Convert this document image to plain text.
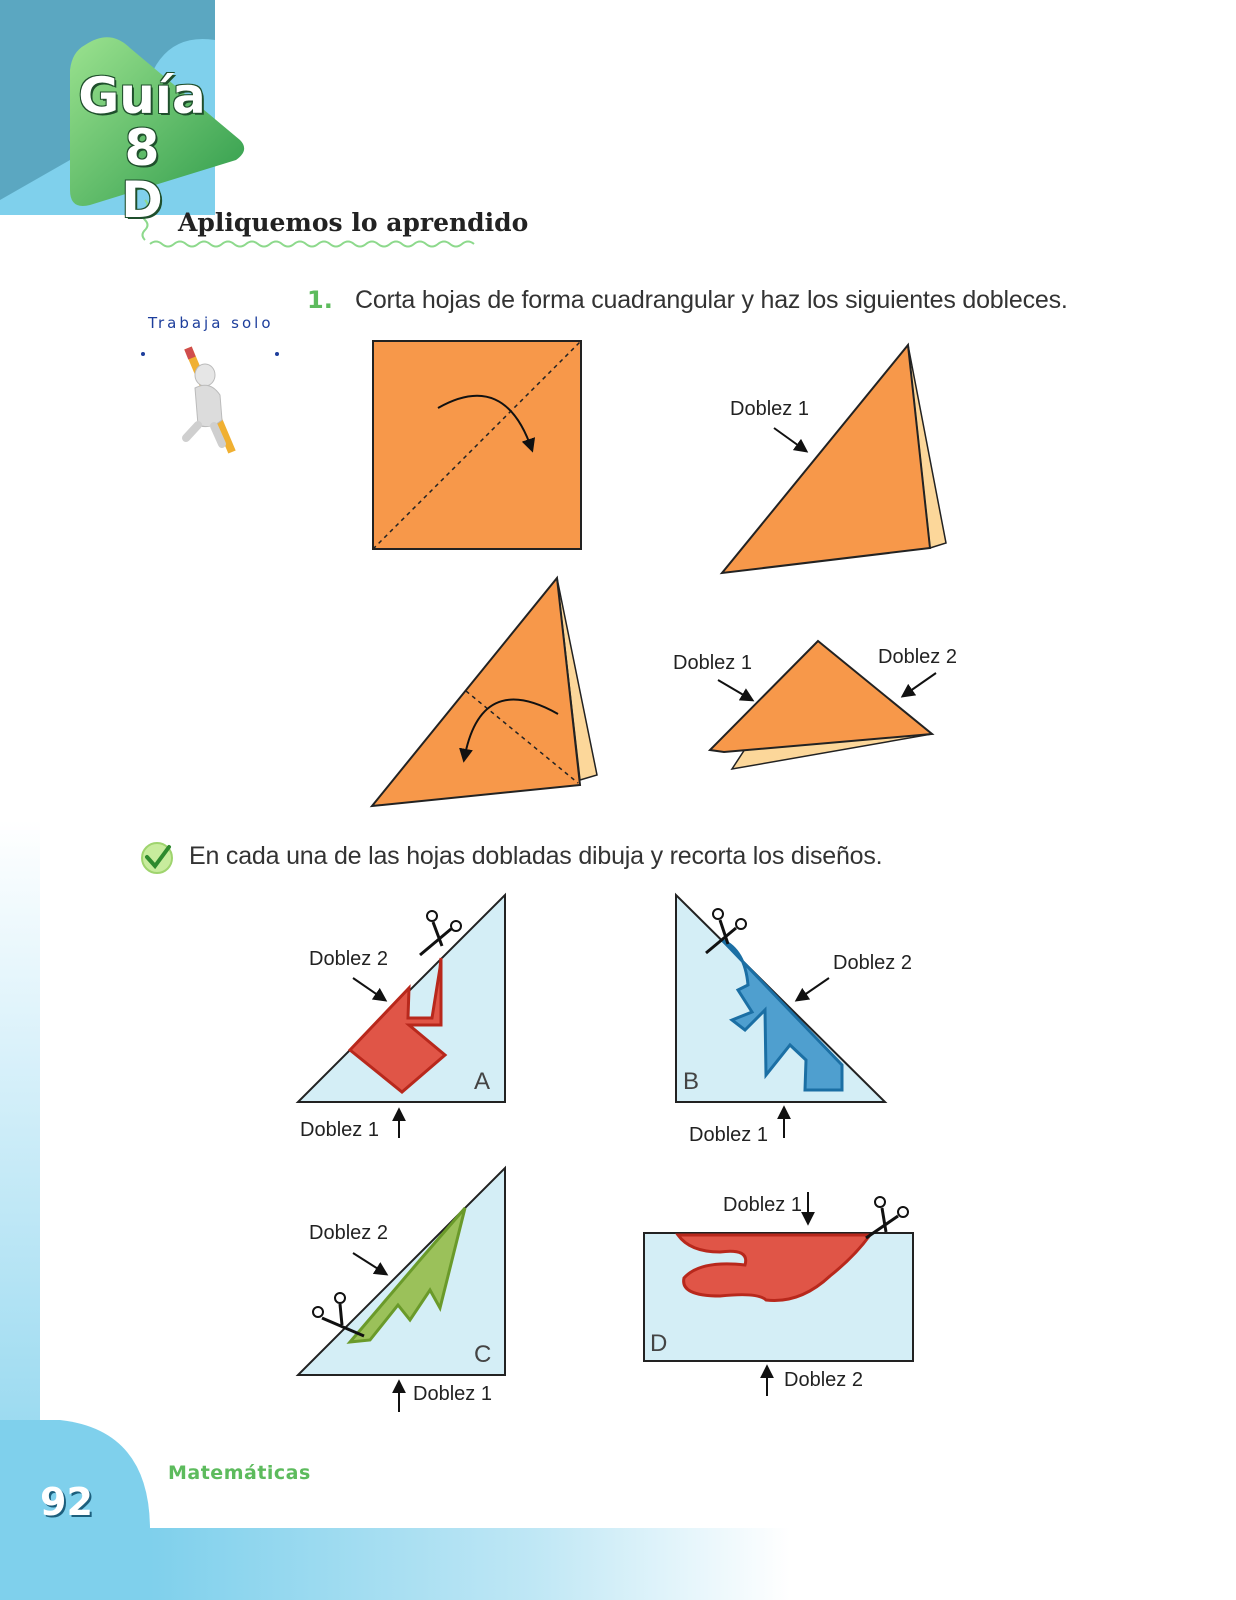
Guía 8
D Apliquemos lo aprendido
Trabaja solo
1. Corta hojas de forma cuadrangular y haz los siguientes dobleces.
Doblez 1
Doblez 1	Doblez 2
En cada una de las hojas dobladas dibuja y recorta los diseños.
Doblez 2
Doblez 1
A
Doblez 2
Doblez 1
B
Doblez 2
Doblez 1
C
Doblez 1
Doblez 2
D
Matemáticas
92
